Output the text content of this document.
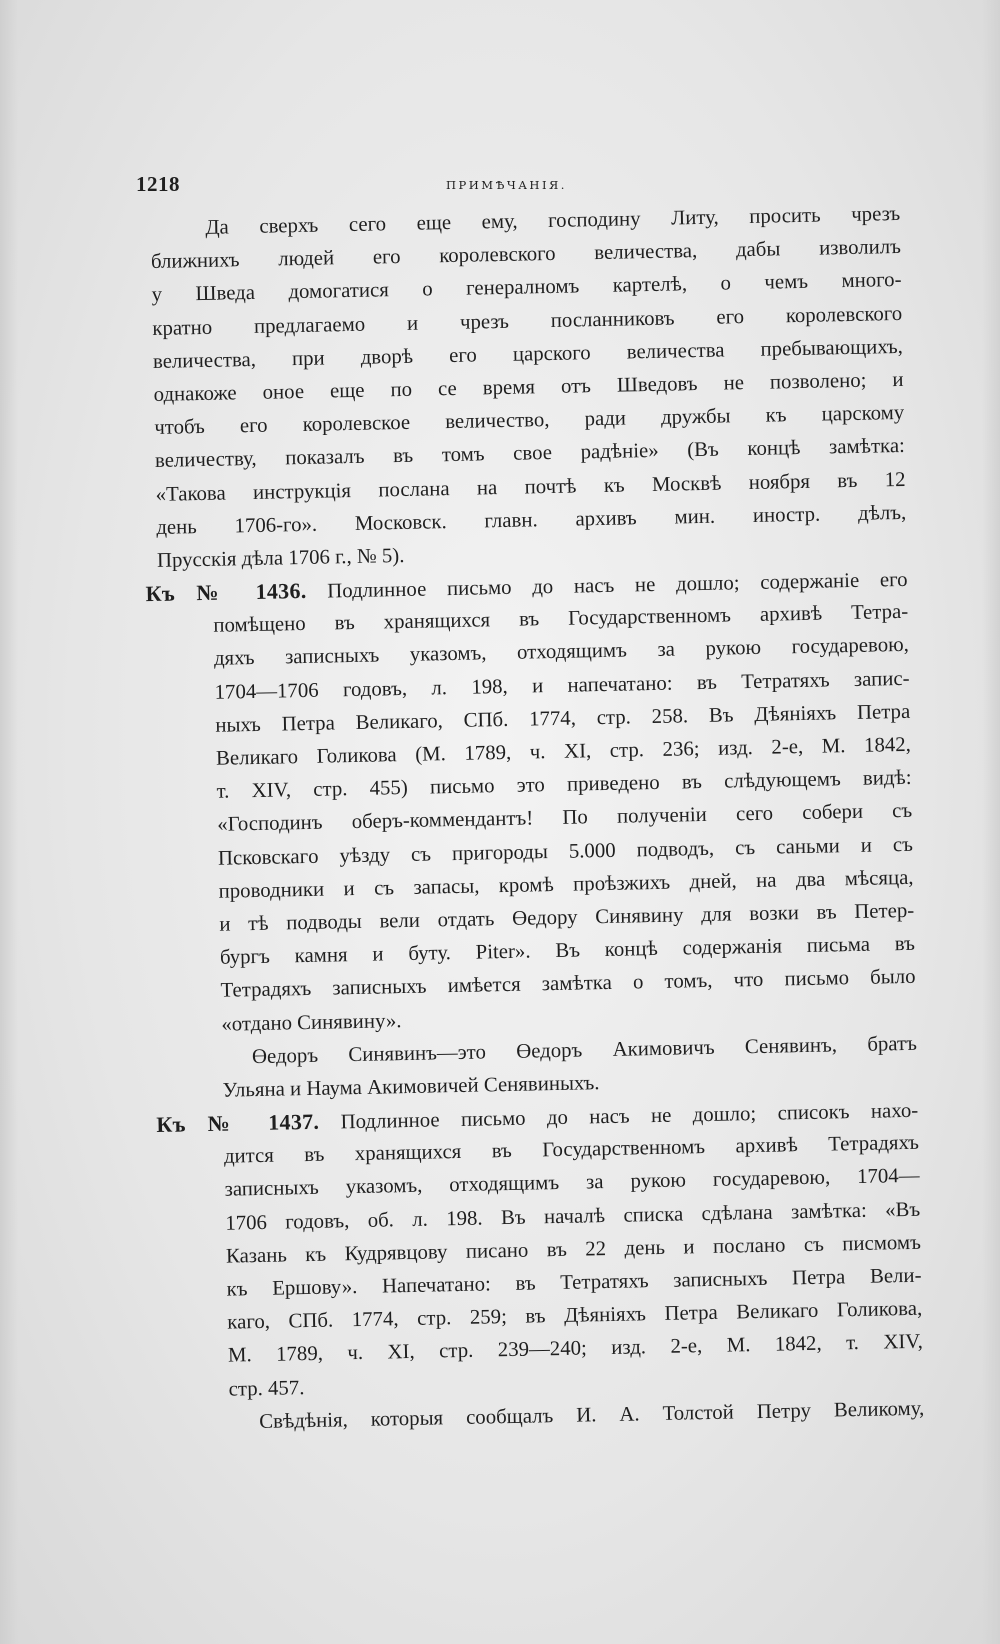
1218	ПРИМѢЧАНІЯ.
Да сверхъ сего еще ему, господину Литу, просить чрезъ
ближнихъ людей его королевского величества, дабы изволилъ
у Шведа домогатися о генералномъ картелѣ, о чемъ много-
кратно предлагаемо и чрезъ посланниковъ его королевского
величества, при дворѣ его царского величества пребывающихъ,
однакоже оное еще по се время отъ Шведовъ не позволено; и
чтобъ его королевское величество, ради дружбы къ царскому
величеству, показалъ въ томъ свое радѣніе» (Въ концѣ замѣтка:
«Такова инструкція послана на почтѣ къ Москвѣ ноября въ 12
день 1706-го». Московск. главн. архивъ мин. иностр. дѣлъ,
Прусскія дѣла 1706 г., № 5).
Къ № 1436. Подлинное письмо до насъ не дошло; содержаніе его
помѣщено въ хранящихся въ Государственномъ архивѣ Тетра-
дяхъ записныхъ указомъ, отходящимъ за рукою государевою,
1704—1706 годовъ, л. 198, и напечатано: въ Тетратяхъ запис-
ныхъ Петра Великаго, СПб. 1774, стр. 258. Въ Дѣяніяхъ Петра
Великаго Голикова (М. 1789, ч. XI, стр. 236; изд. 2-е, М. 1842,
т. XIV, стр. 455) письмо это приведено въ слѣдующемъ видѣ:
«Господинъ оберъ-коммендантъ! По полученіи сего собери съ
Псковскагo уѣзду съ пригороды 5.000 подводъ, съ саньми и съ
проводники и съ запасы, кромѣ проѣзжихъ дней, на два мѣсяца,
и тѣ подводы вели отдать Өедору Синявину для возки въ Петер-
бургъ камня и буту. Piter». Въ концѣ содержанія письма въ
Тетрадяхъ записныхъ имѣется замѣтка о томъ, что письмо было
«отдано Синявину».
Өедоръ Синявинъ—это Өедоръ Акимовичъ Сенявинъ, братъ
Ульяна и Наума Акимовичей Сенявиныхъ.
Къ № 1437. Подлинное письмо до насъ не дошло; списокъ нахо-
дится въ хранящихся въ Государственномъ архивѣ Тетрадяхъ
записныхъ указомъ, отходящимъ за рукою государевою, 1704—
1706 годовъ, об. л. 198. Въ началѣ списка сдѣлана замѣтка: «Въ
Казань къ Кудрявцову писано въ 22 день и послано съ писмомъ
къ Ершову». Напечатано: въ Тетратяхъ записныхъ Петра Вели-
каго, СПб. 1774, стр. 259; въ Дѣяніяхъ Петра Великаго Голикова,
М. 1789, ч. XI, стр. 239—240; изд. 2-е, М. 1842, т. XIV,
стр. 457.
Свѣдѣнія, которыя сообщалъ И. А. Толстой Петру Великому,
